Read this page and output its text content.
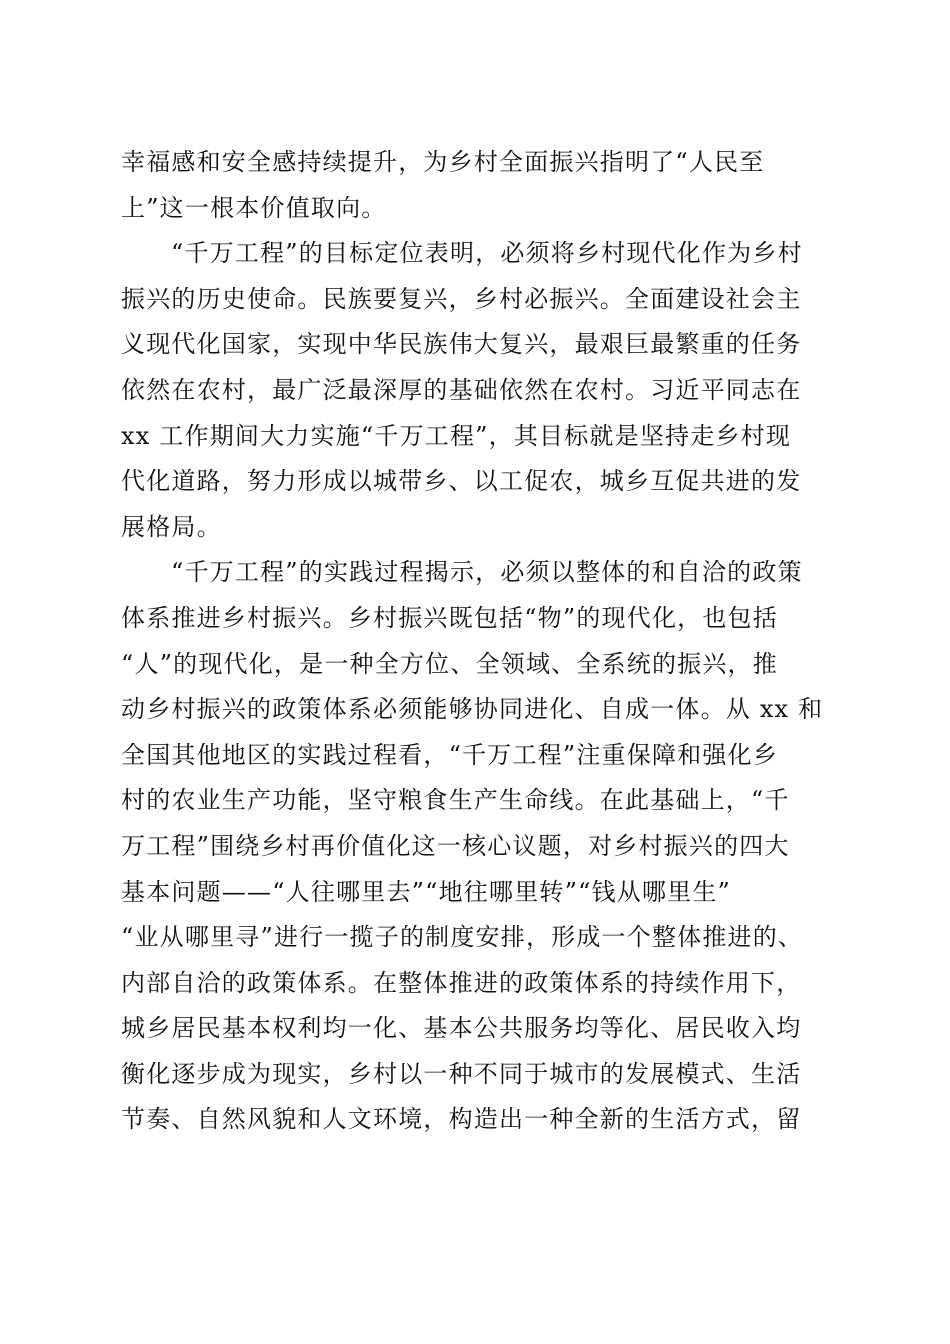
幸福感和安全感持续提升，为乡村全面振兴指明了“人民至
上”这一根本价值取向。
“千万工程”的目标定位表明，必须将乡村现代化作为乡村
振兴的历史使命。民族要复兴，乡村必振兴。全面建设社会主
义现代化国家，实现中华民族伟大复兴，最艰巨最繁重的任务
依然在农村，最广泛最深厚的基础依然在农村。习近平同志在
xx 工作期间大力实施“千万工程”，其目标就是坚持走乡村现
代化道路，努力形成以城带乡、以工促农，城乡互促共进的发
展格局。
“千万工程”的实践过程揭示，必须以整体的和自洽的政策
体系推进乡村振兴。乡村振兴既包括“物”的现代化，也包括
“人”的现代化，是一种全方位、全领域、全系统的振兴，推
动乡村振兴的政策体系必须能够协同进化、自成一体。从 xx 和
全国其他地区的实践过程看，“千万工程”注重保障和强化乡
村的农业生产功能，坚守粮食生产生命线。在此基础上，“千
万工程”围绕乡村再价值化这一核心议题，对乡村振兴的四大
基本问题——“人往哪里去”“地往哪里转”“钱从哪里生”
“业从哪里寻”进行一揽子的制度安排，形成一个整体推进的、
内部自洽的政策体系。在整体推进的政策体系的持续作用下，
城乡居民基本权利均一化、基本公共服务均等化、居民收入均
衡化逐步成为现实，乡村以一种不同于城市的发展模式、生活
节奏、自然风貌和人文环境，构造出一种全新的生活方式，留
